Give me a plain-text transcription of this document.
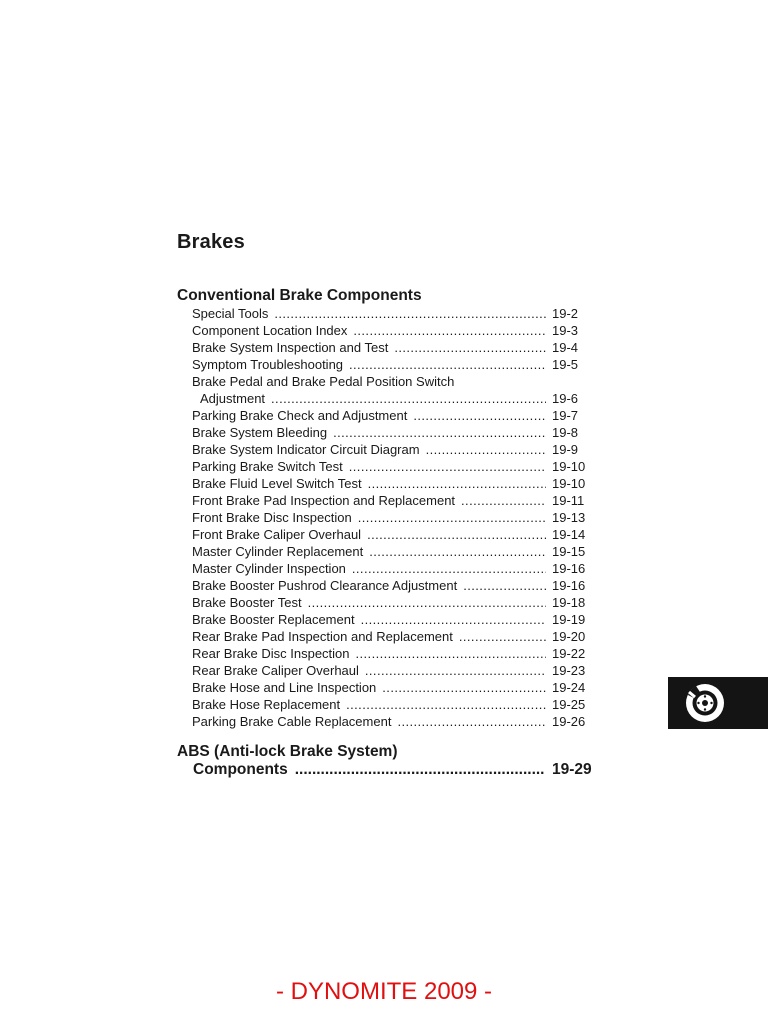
Brakes
Conventional Brake Components
Special Tools .....	19-2
Component Location Index .....	19-3
Brake System Inspection and Test .....	19-4
Symptom Troubleshooting .....	19-5
Brake Pedal and Brake Pedal Position Switch
Adjustment .....	19-6
Parking Brake Check and Adjustment .....	19-7
Brake System Bleeding .....	19-8
Brake System Indicator Circuit Diagram .....	19-9
Parking Brake Switch Test .....	19-10
Brake Fluid Level Switch Test .....	19-10
Front Brake Pad Inspection and Replacement .....	19-11
Front Brake Disc Inspection .....	19-13
Front Brake Caliper Overhaul .....	19-14
Master Cylinder Replacement .....	19-15
Master Cylinder Inspection .....	19-16
Brake Booster Pushrod Clearance Adjustment .....	19-16
Brake Booster Test .....	19-18
Brake Booster Replacement .....	19-19
Rear Brake Pad Inspection and Replacement .....	19-20
Rear Brake Disc Inspection .....	19-22
Rear Brake Caliper Overhaul .....	19-23
Brake Hose and Line Inspection .....	19-24
Brake Hose Replacement .....	19-25
Parking Brake Cable Replacement .....	19-26
ABS (Anti-lock Brake System)
Components .....	19-29
- DYNOMITE 2009 -
